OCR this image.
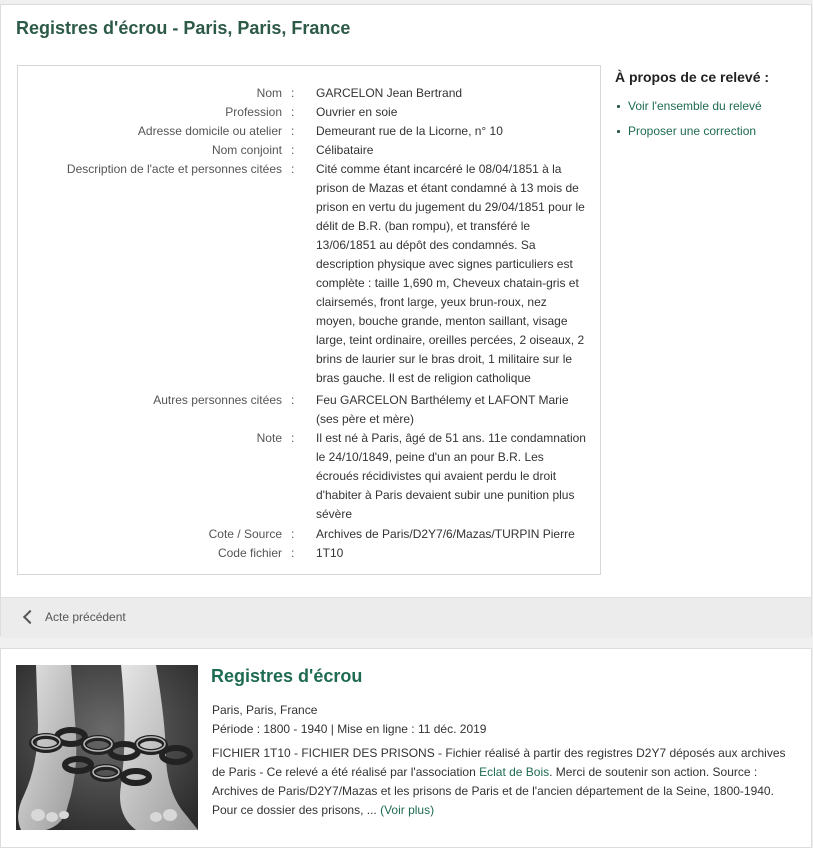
Registres d'écrou - Paris, Paris, France
Nom : GARCELON Jean Bertrand
Profession : Ouvrier en soie
Adresse domicile ou atelier : Demeurant rue de la Licorne, n° 10
Nom conjoint : Célibataire
Description de l'acte et personnes citées : Cité comme étant incarcéré le 08/04/1851 à la prison de Mazas et étant condamné à 13 mois de prison en vertu du jugement du 29/04/1851 pour le délit de B.R. (ban rompu), et transféré le 13/06/1851 au dépôt des condamnés. Sa description physique avec signes particuliers est complète : taille 1,690 m, Cheveux chatain-gris et clairsemés, front large, yeux brun-roux, nez moyen, bouche grande, menton saillant, visage large, teint ordinaire, oreilles percées, 2 oiseaux, 2 brins de laurier sur le bras droit, 1 militaire sur le bras gauche. Il est de religion catholique
Autres personnes citées : Feu GARCELON Barthélemy et LAFONT Marie (ses père et mère)
Note : Il est né à Paris, âgé de 51 ans. 11e condamnation le 24/10/1849, peine d'un an pour B.R. Les écroués récidivistes qui avaient perdu le droit d'habiter à Paris devaient subir une punition plus sévère
Cote / Source : Archives de Paris/D2Y7/6/Mazas/TURPIN Pierre
Code fichier : 1T10
À propos de ce relevé :
Voir l'ensemble du relevé
Proposer une correction
Acte précédent
Registres d'écrou
Paris, Paris, France
Période : 1800 - 1940 | Mise en ligne : 11 déc. 2019
FICHIER 1T10 - FICHIER DES PRISONS - Fichier réalisé à partir des registres D2Y7 déposés aux archives de Paris - Ce relevé a été réalisé par l'association Eclat de Bois. Merci de soutenir son action. Source : Archives de Paris/D2Y7/Mazas et les prisons de Paris et de l'ancien département de la Seine, 1800-1940. Pour ce dossier des prisons, ... (Voir plus)
